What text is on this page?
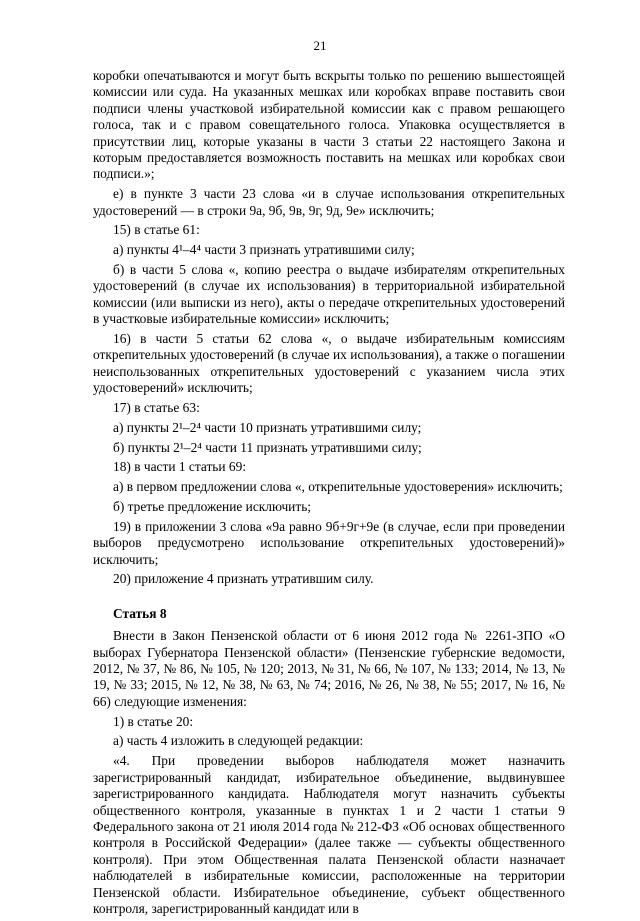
21

коробки опечатываются и могут быть вскрыты только по решению вышестоящей комиссии или суда. На указанных мешках или коробках вправе поставить свои подписи члены участковой избирательной комиссии как с правом решающего голоса, так и с правом совещательного голоса. Упаковка осуществляется в присутствии лиц, которые указаны в части 3 статьи 22 настоящего Закона и которым предоставляется возможность поставить на мешках или коробках свои подписи.»;

е) в пункте 3 части 23 слова «и в случае использования открепительных удостоверений — в строки 9а, 9б, 9в, 9г, 9д, 9е» исключить;

15) в статье 61:

а) пункты 4¹–4⁴ части 3 признать утратившими силу;

б) в части 5 слова «, копию реестра о выдаче избирателям открепительных удостоверений (в случае их использования) в территориальной избирательной комиссии (или выписки из него), акты о передаче открепительных удостоверений в участковые избирательные комиссии» исключить;

16) в части 5 статьи 62 слова «, о выдаче избирательным комиссиям открепительных удостоверений (в случае их использования), а также о погашении неиспользованных открепительных удостоверений с указанием числа этих удостоверений» исключить;

17) в статье 63:

а) пункты 2¹–2⁴ части 10 признать утратившими силу;

б) пункты 2¹–2⁴ части 11 признать утратившими силу;

18) в части 1 статьи 69:

а) в первом предложении слова «, открепительные удостоверения» исключить;

б) третье предложение исключить;

19) в приложении 3 слова «9а равно 9б+9г+9е (в случае, если при проведении выборов предусмотрено использование открепительных удостоверений)» исключить;

20) приложение 4 признать утратившим силу.

Статья 8

Внести в Закон Пензенской области от 6 июня 2012 года № 2261-ЗПО «О выборах Губернатора Пензенской области» (Пензенские губернские ведомости, 2012, № 37, № 86, № 105, № 120; 2013, № 31, № 66, № 107, № 133; 2014, № 13, № 19, № 33; 2015, № 12, № 38, № 63, № 74; 2016, № 26, № 38, № 55; 2017, № 16, № 66) следующие изменения:

1) в статье 20:

а) часть 4 изложить в следующей редакции:

«4. При проведении выборов наблюдателя может назначить зарегистрированный кандидат, избирательное объединение, выдвинувшее зарегистрированного кандидата. Наблюдателя могут назначить субъекты общественного контроля, указанные в пунктах 1 и 2 части 1 статьи 9 Федерального закона от 21 июля 2014 года № 212-ФЗ «Об основах общественного контроля в Российской Федерации» (далее также — субъекты общественного контроля). При этом Общественная палата Пензенской области назначает наблюдателей в избирательные комиссии, расположенные на территории Пензенской области. Избирательное объединение, субъект общественного контроля, зарегистрированный кандидат или в
